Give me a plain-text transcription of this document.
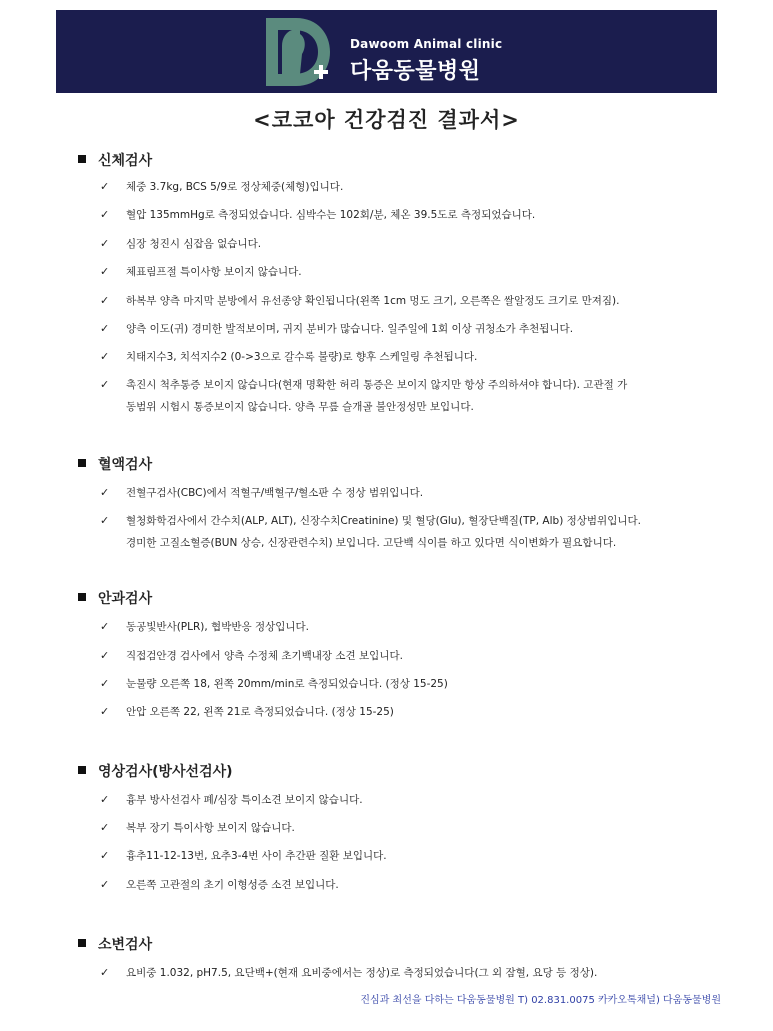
Dawoom Animal clinic
다움동물병원
<코코아 건강검진 결과서>
신체검사
✓ 체중 3.7kg, BCS 5/9로 정상체중(체형)입니다.
✓ 혈압 135mmHg로 측정되었습니다. 심박수는 102회/분, 체온 39.5도로 측정되었습니다.
✓ 심장 청진시 심잡음 없습니다.
✓ 체표림프절 특이사항 보이지 않습니다.
✓ 하복부 양측 마지막 분방에서 유선종양 확인됩니다(왼쪽 1cm 멍도 크기, 오른쪽은 쌀알정도 크기로 만져짐).
✓ 양측 이도(귀) 경미한 발적보이며, 귀지 분비가 많습니다. 일주일에 1회 이상 귀청소가 추천됩니다.
✓ 치태지수3, 치석지수2 (0->3으로 갈수록 불량)로 향후 스케일링 추천됩니다.
✓ 촉진시 척추통증 보이지 않습니다(현재 명확한 허리 통증은 보이지 않지만 항상 주의하셔야 합니다). 고관절 가
동범위 시험시 통증보이지 않습니다. 양측 무릎 슬개골 불안정성만 보입니다.
혈액검사
✓ 전혈구검사(CBC)에서 적혈구/백혈구/혈소판 수 정상 범위입니다.
✓ 혈청화학검사에서 간수치(ALP, ALT), 신장수치Creatinine) 및 혈당(Glu), 혈장단백질(TP, Alb) 정상범위입니다.
경미한 고질소혈증(BUN 상승, 신장관련수치) 보입니다. 고단백 식이를 하고 있다면 식이변화가 필요합니다.
안과검사
✓ 동공빛반사(PLR), 협박반응 정상입니다.
✓ 직접검안경 검사에서 양측 수정체 초기백내장 소견 보입니다.
✓ 눈물량 오른쪽 18, 왼쪽 20mm/min로 측정되었습니다. (정상 15-25)
✓ 안압 오른쪽 22, 왼쪽 21로 측정되었습니다. (정상 15-25)
영상검사(방사선검사)
✓ 흉부 방사선검사 폐/심장 특이소견 보이지 않습니다.
✓ 복부 장기 특이사항 보이지 않습니다.
✓ 흉추11-12-13번, 요추3-4번 사이 추간판 질환 보입니다.
✓ 오른쪽 고관절의 초기 이형성증 소견 보입니다.
소변검사
✓ 요비중 1.032, pH7.5, 요단백+(현재 요비중에서는 정상)로 측정되었습니다(그 외 잠혈, 요당 등 정상).
진심과 최선을 다하는 다움동물병원 T) 02.831.0075 카카오톡채널) 다움동물병원
